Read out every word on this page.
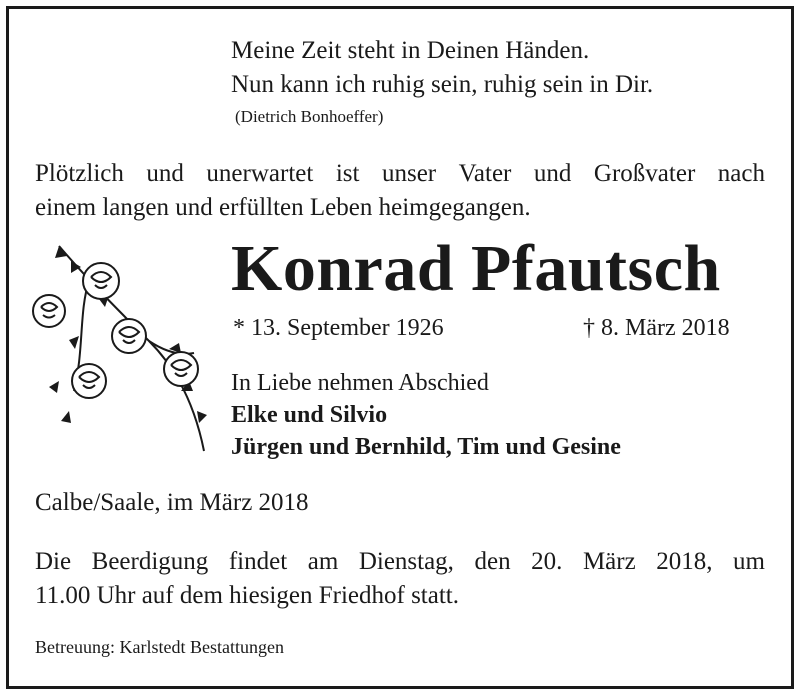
Meine Zeit steht in Deinen Händen.
Nun kann ich ruhig sein, ruhig sein in Dir.
(Dietrich Bonhoeffer)
Plötzlich und unerwartet ist unser Vater und Großvater nach
einem langen und erfüllten Leben heimgegangen.
Konrad Pfautsch
* 13. September 1926	† 8. März 2018
In Liebe nehmen Abschied
Elke und Silvio
Jürgen und Bernhild, Tim und Gesine
Calbe/Saale, im März 2018
Die Beerdigung findet am Dienstag, den 20. März 2018, um
11.00 Uhr auf dem hiesigen Friedhof statt.
Betreuung: Karlstedt Bestattungen
